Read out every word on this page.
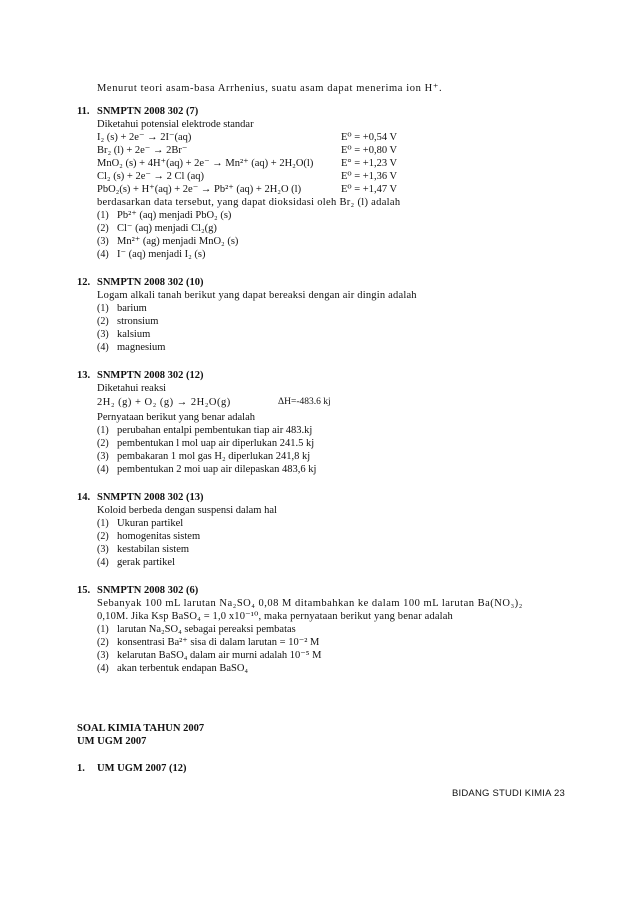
Menurut teori asam-basa Arrhenius, suatu asam dapat menerima ion H⁺.
11. SNMPTN 2008 302 (7)
Diketahui potensial elektrode standar
I₂ (s) + 2e⁻ → 2I⁻(aq)
Br₂ (l) + 2e⁻ → 2Br⁻
MnO₂ (s) + 4H⁺(aq) + 2e⁻ → Mn²⁺ (aq) + 2H₂O(l)
Cl₂ (s) + 2e⁻ → 2 Cl (aq)
PbO₂(s) + H⁺(aq) + 2e⁻ → Pb²⁺ (aq) + 2H₂O (l)
berdasarkan data tersebut, yang dapat dioksidasi oleh Br₂ (l) adalah
E⁰ = +0,54 V
E⁰ = +0,80 V
E° = +1,23 V
E⁰ = +1,36 V
E⁰ = +1,47 V
(1) Pb²⁺ (aq) menjadi PbO₂ (s)
(2) Cl⁻ (aq) menjadi Cl₂(g)
(3) Mn²⁺ (ag) menjadi MnO₂ (s)
(4) I⁻ (aq) menjadi I₂ (s)
12. SNMPTN 2008 302 (10)
Logam alkali tanah berikut yang dapat bereaksi dengan air dingin adalah
(1) barium
(2) stronsium
(3) kalsium
(4) magnesium
13. SNMPTN 2008 302 (12)
Diketahui reaksi
2H₂ (g) + O₂ (g) → 2H₂O(g)	ΔH=-483.6 kj
Pernyataan berikut yang benar adalah
(1) perubahan entalpi pembentukan tiap air 483.kj
(2) pembentukan l mol uap air diperlukan 241.5 kj
(3) pembakaran 1 mol gas H₂ diperlukan 241,8 kj
(4) pembentukan 2 moi uap air dilepaskan 483,6 kj
14. SNMPTN 2008 302 (13)
Koloid berbeda dengan suspensi dalam hal
(1) Ukuran partikel
(2) homogenitas sistem
(3) kestabilan sistem
(4) gerak partikel
15. SNMPTN 2008 302 (6)
Sebanyak 100 mL larutan Na₂SO₄ 0,08 M ditambahkan ke dalam 100 mL larutan Ba(NO₃)₂
0,10M. Jika Ksp BaSO₄ = 1,0 x10⁻¹⁰, maka pernyataan berikut yang benar adalah
(1) larutan Na₂SO₄ sebagai pereaksi pembatas
(2) konsentrasi Ba²⁺ sisa di dalam larutan = 10⁻² M
(3) kelarutan BaSO₄ dalam air murni adalah 10⁻⁵ M
(4) akan terbentuk endapan BaSO₄
SOAL KIMIA TAHUN 2007
UM UGM 2007
1. UM UGM 2007 (12)
BIDANG STUDI KIMIA 23
